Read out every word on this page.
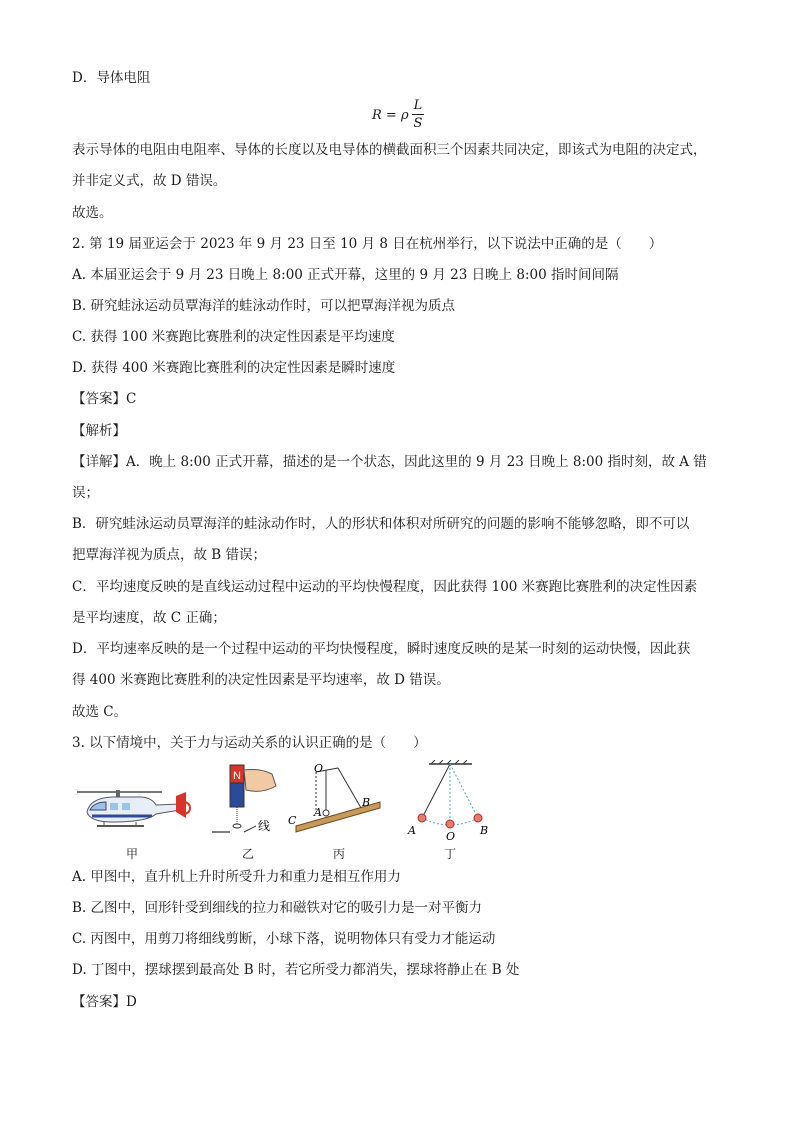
D．导体电阻
R = ρ
L
S
表示导体的电阻由电阻率、导体的长度以及电导体的横截面积三个因素共同决定，即该式为电阻的决定式，
并非定义式，故 D 错误。
故选。
2. 第 19 届亚运会于 2023 年 9 月 23 日至 10 月 8 日在杭州举行，以下说法中正确的是（　　）
A. 本届亚运会于 9 月 23 日晚上 8:00 正式开幕，这里的 9 月 23 日晚上 8:00 指时间间隔
B. 研究蛙泳运动员覃海洋的蛙泳动作时，可以把覃海洋视为质点
C. 获得 100 米赛跑比赛胜利的决定性因素是平均速度
D. 获得 400 米赛跑比赛胜利的决定性因素是瞬时速度
【答案】C
【解析】
【详解】A．晚上 8:00 正式开幕，描述的是一个状态，因此这里的 9 月 23 日晚上 8:00 指时刻，故 A 错
误；
B．研究蛙泳运动员覃海洋的蛙泳动作时，人的形状和体积对所研究的问题的影响不能够忽略，即不可以
把覃海洋视为质点，故 B 错误；
C．平均速度反映的是直线运动过程中运动的平均快慢程度，因此获得 100 米赛跑比赛胜利的决定性因素
是平均速度，故 C 正确；
D．平均速率反映的是一个过程中运动的平均快慢程度，瞬时速度反映的是某一时刻的运动快慢，因此获
得 400 米赛跑比赛胜利的决定性因素是平均速率，故 D 错误。
故选 C。
3. 以下情境中，关于力与运动关系的认识正确的是（　　）
N
线
O
A
B
C
A	O B
甲	乙	丙	丁
A. 甲图中，直升机上升时所受升力和重力是相互作用力
B. 乙图中，回形针受到细线的拉力和磁铁对它的吸引力是一对平衡力
C. 丙图中，用剪刀将细线剪断，小球下落，说明物体只有受力才能运动
D. 丁图中，摆球摆到最高处 B 时，若它所受力都消失，摆球将静止在 B 处
【答案】D
